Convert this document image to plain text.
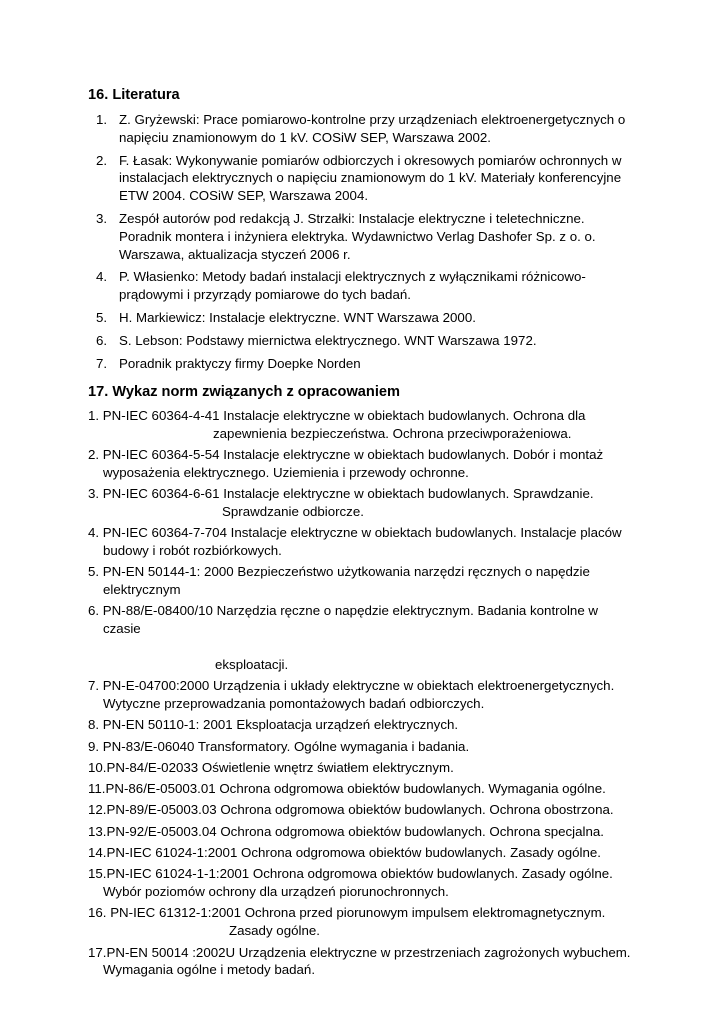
16. Literatura
1. Z. Gryżewski: Prace pomiarowo-kontrolne przy urządzeniach elektroenergetycznych o
napięciu znamionowym do 1 kV. COSiW SEP, Warszawa 2002.
2. F. Łasak: Wykonywanie pomiarów odbiorczych i okresowych pomiarów ochronnych w
instalacjach elektrycznych o napięciu znamionowym do 1 kV. Materiały konferencyjne
ETW 2004. COSiW SEP, Warszawa 2004.
3. Zespół autorów pod redakcją J. Strzałki: Instalacje elektryczne i teletechniczne.
Poradnik montera i inżyniera elektryka. Wydawnictwo Verlag Dashofer Sp. z o. o.
Warszawa, aktualizacja styczeń 2006 r.
4. P. Własienko: Metody badań instalacji elektrycznych z wyłącznikami różnicowo-
prądowymi i przyrządy pomiarowe do tych badań.
5. H. Markiewicz: Instalacje elektryczne. WNT Warszawa 2000.
6. S. Lebson: Podstawy miernictwa elektrycznego. WNT Warszawa 1972.
7. Poradnik praktyczy firmy Doepke Norden
17. Wykaz norm związanych z opracowaniem
1. PN-IEC 60364-4-41 Instalacje elektryczne w obiektach budowlanych. Ochrona dla
zapewnienia bezpieczeństwa. Ochrona przeciwporażeniowa.
2. PN-IEC 60364-5-54 Instalacje elektryczne w obiektach budowlanych. Dobór i montaż
wyposażenia elektrycznego. Uziemienia i przewody ochronne.
3. PN-IEC 60364-6-61 Instalacje elektryczne w obiektach budowlanych. Sprawdzanie.
Sprawdzanie odbiorcze.
4. PN-IEC 60364-7-704 Instalacje elektryczne w obiektach budowlanych. Instalacje placów
budowy i robót rozbiórkowych.
5. PN-EN 50144-1: 2000 Bezpieczeństwo użytkowania narzędzi ręcznych o napędzie
elektrycznym
6. PN-88/E-08400/10 Narzędzia ręczne o napędzie elektrycznym. Badania kontrolne w
czasie
eksploatacji.
7. PN-E-04700:2000 Urządzenia i układy elektryczne w obiektach elektroenergetycznych.
Wytyczne przeprowadzania pomontażowych badań odbiorczych.
8. PN-EN 50110-1: 2001 Eksploatacja urządzeń elektrycznych.
9. PN-83/E-06040 Transformatory. Ogólne wymagania i badania.
10.PN-84/E-02033 Oświetlenie wnętrz światłem elektrycznym.
11.PN-86/E-05003.01 Ochrona odgromowa obiektów budowlanych. Wymagania ogólne.
12.PN-89/E-05003.03 Ochrona odgromowa obiektów budowlanych. Ochrona obostrzona.
13.PN-92/E-05003.04 Ochrona odgromowa obiektów budowlanych. Ochrona specjalna.
14.PN-IEC 61024-1:2001 Ochrona odgromowa obiektów budowlanych. Zasady ogólne.
15.PN-IEC 61024-1-1:2001 Ochrona odgromowa obiektów budowlanych. Zasady ogólne.
Wybór poziomów ochrony dla urządzeń piorunochronnych.
16. PN-IEC 61312-1:2001 Ochrona przed piorunowym impulsem elektromagnetycznym.
Zasady ogólne.
17.PN-EN 50014 :2002U Urządzenia elektryczne w przestrzeniach zagrożonych wybuchem.
Wymagania ogólne i metody badań.
